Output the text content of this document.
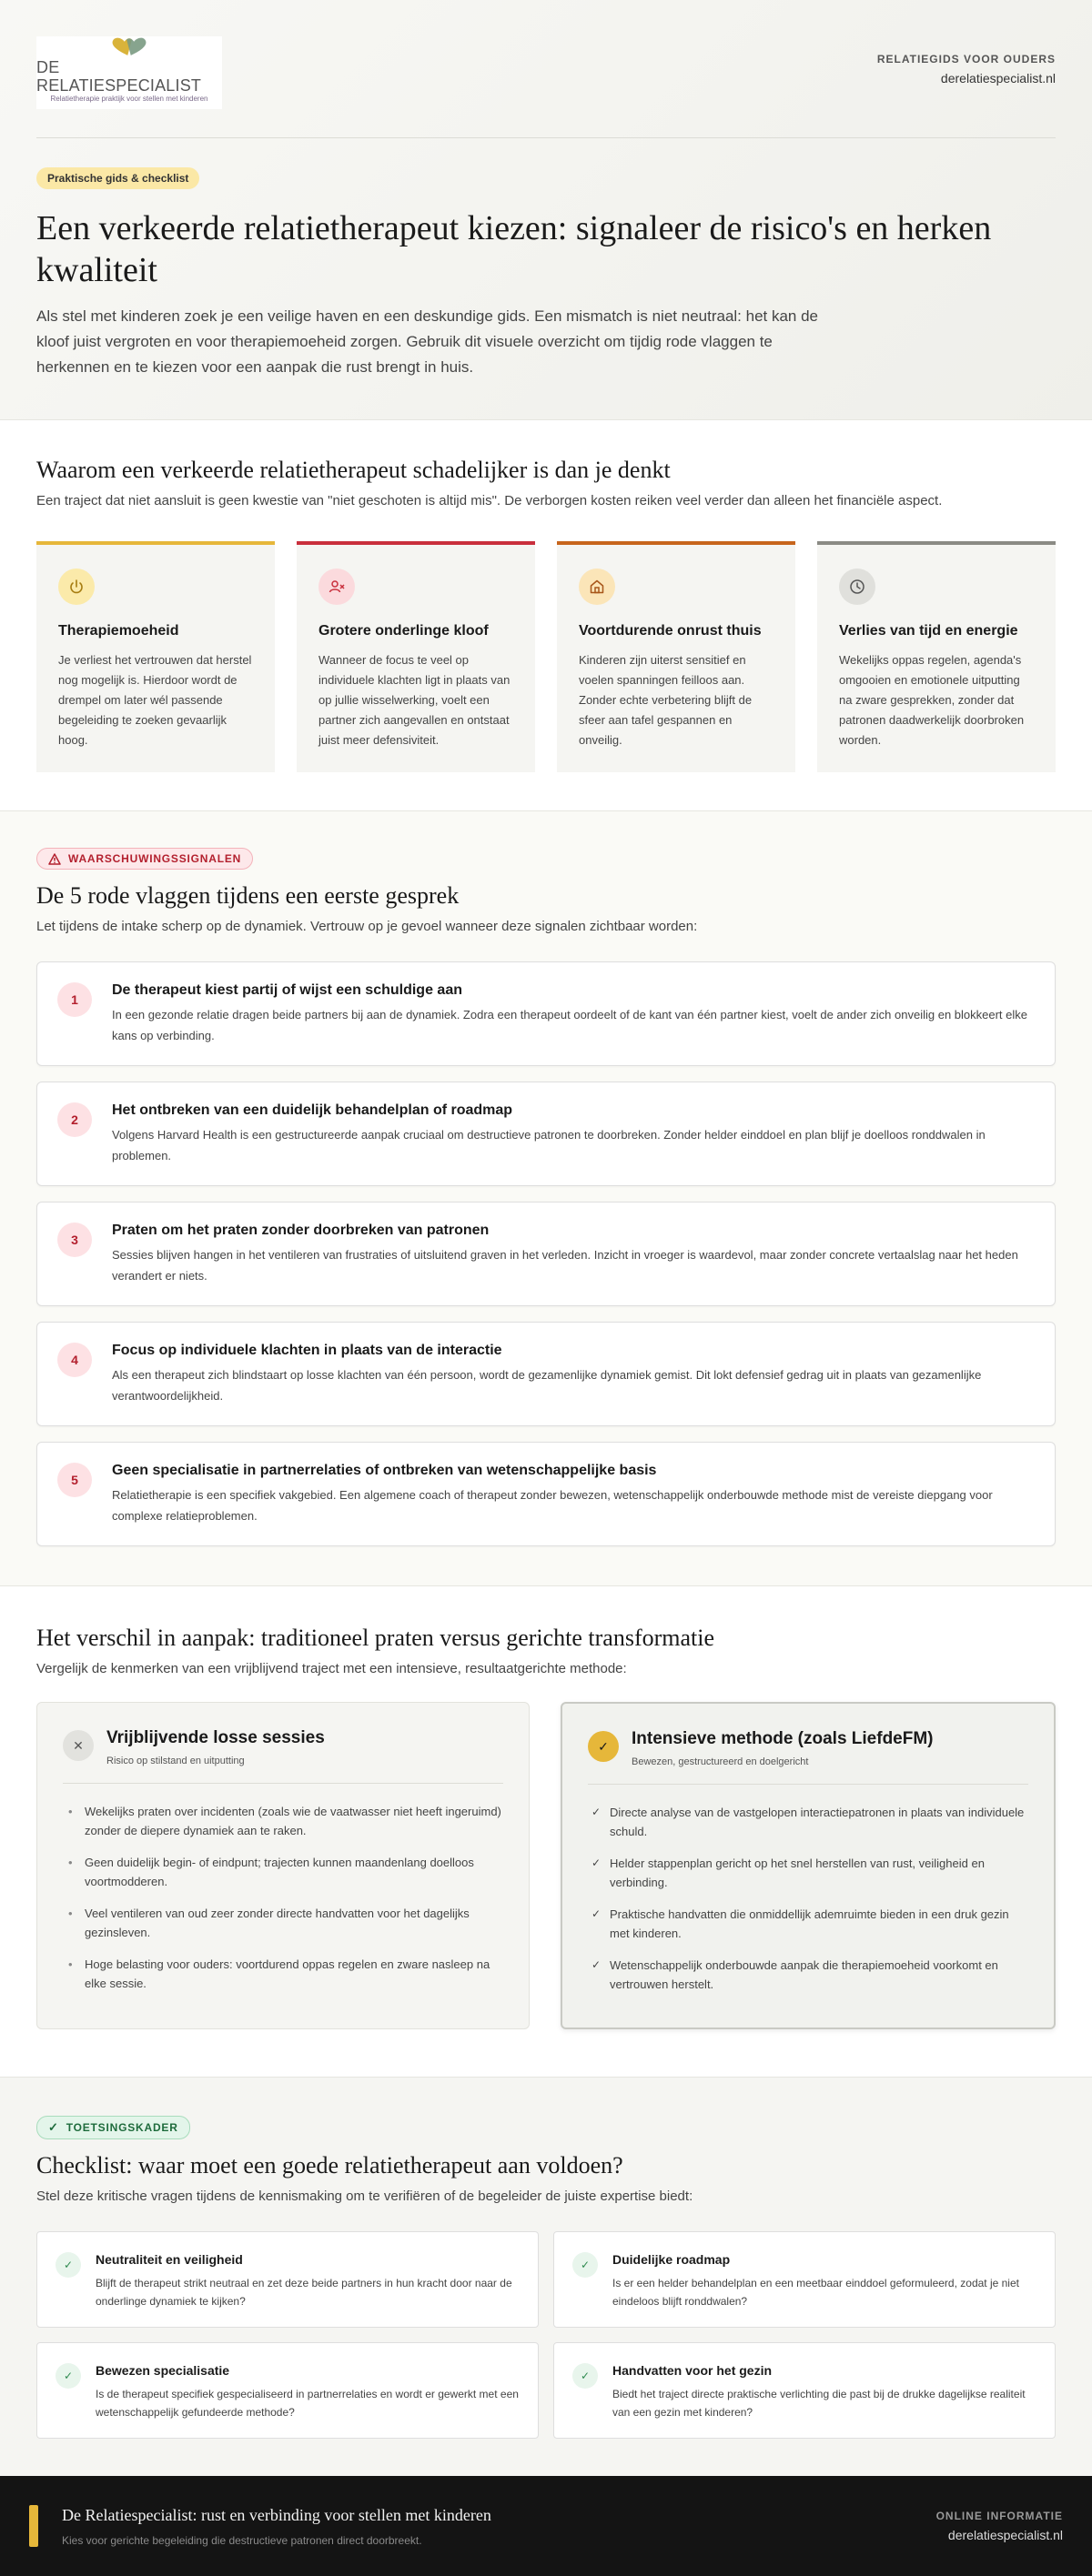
DE RELATIESPECIALIST
Relatietherapie praktijk voor stellen met kinderen
RELATIEGIDS VOOR OUDERS
derelatiespecialist.nl
Praktische gids & checklist
Een verkeerde relatietherapeut kiezen: signaleer de risico's en herken kwaliteit

Als stel met kinderen zoek je een veilige haven en een deskundige gids. Een mismatch is niet neutraal: het kan de kloof juist vergroten en voor therapiemoeheid zorgen. Gebruik dit visuele overzicht om tijdig rode vlaggen te herkennen en te kiezen voor een aanpak die rust brengt in huis.

Waarom een verkeerde relatietherapeut schadelijker is dan je denkt

Een traject dat niet aansluit is geen kwestie van "niet geschoten is altijd mis". De verborgen kosten reiken veel verder dan alleen het financiële aspect.

Therapiemoeheid

Je verliest het vertrouwen dat herstel nog mogelijk is. Hierdoor wordt de drempel om later wél passende begeleiding te zoeken gevaarlijk hoog.

Grotere onderlinge kloof

Wanneer de focus te veel op individuele klachten ligt in plaats van op jullie wisselwerking, voelt een partner zich aangevallen en ontstaat juist meer defensiviteit.

Voortdurende onrust thuis

Kinderen zijn uiterst sensitief en voelen spanningen feilloos aan. Zonder echte verbetering blijft de sfeer aan tafel gespannen en onveilig.

Verlies van tijd en energie

Wekelijks oppas regelen, agenda's omgooien en emotionele uitputting na zware gesprekken, zonder dat patronen daadwerkelijk doorbroken worden.

WAARSCHUWINGSSIGNALEN
De 5 rode vlaggen tijdens een eerste gesprek

Let tijdens de intake scherp op de dynamiek. Vertrouw op je gevoel wanneer deze signalen zichtbaar worden:

1
De therapeut kiest partij of wijst een schuldige aan

In een gezonde relatie dragen beide partners bij aan de dynamiek. Zodra een therapeut oordeelt of de kant van één partner kiest, voelt de ander zich onveilig en blokkeert elke kans op verbinding.

2
Het ontbreken van een duidelijk behandelplan of roadmap

Volgens Harvard Health is een gestructureerde aanpak cruciaal om destructieve patronen te doorbreken. Zonder helder einddoel en plan blijf je doelloos ronddwalen in problemen.

3
Praten om het praten zonder doorbreken van patronen

Sessies blijven hangen in het ventileren van frustraties of uitsluitend graven in het verleden. Inzicht in vroeger is waardevol, maar zonder concrete vertaalslag naar het heden verandert er niets.

4
Focus op individuele klachten in plaats van de interactie

Als een therapeut zich blindstaart op losse klachten van één persoon, wordt de gezamenlijke dynamiek gemist. Dit lokt defensief gedrag uit in plaats van gezamenlijke verantwoordelijkheid.

5
Geen specialisatie in partnerrelaties of ontbreken van wetenschappelijke basis

Relatietherapie is een specifiek vakgebied. Een algemene coach of therapeut zonder bewezen, wetenschappelijk onderbouwde methode mist de vereiste diepgang voor complexe relatieproblemen.

Het verschil in aanpak: traditioneel praten versus gerichte transformatie

Vergelijk de kenmerken van een vrijblijvend traject met een intensieve, resultaatgerichte methode:

✕	Vrijblijvende losse sessies
Risico op stilstand en uitputting
• Wekelijks praten over incidenten (zoals wie de vaatwasser niet heeft ingeruimd) zonder de diepere dynamiek aan te raken.
• Geen duidelijk begin- of eindpunt; trajecten kunnen maandenlang doelloos voortmodderen.
• Veel ventileren van oud zeer zonder directe handvatten voor het dagelijks gezinsleven.
• Hoge belasting voor ouders: voortdurend oppas regelen en zware nasleep na elke sessie.
✓	Intensieve methode (zoals LiefdeFM)
Bewezen, gestructureerd en doelgericht
✓ Directe analyse van de vastgelopen interactiepatronen in plaats van individuele schuld.
✓ Helder stappenplan gericht op het snel herstellen van rust, veiligheid en verbinding.
✓ Praktische handvatten die onmiddellijk ademruimte bieden in een druk gezin met kinderen.
✓ Wetenschappelijk onderbouwde aanpak die therapiemoeheid voorkomt en vertrouwen herstelt.
✓ TOETSINGSKADER
Checklist: waar moet een goede relatietherapeut aan voldoen?

Stel deze kritische vragen tijdens de kennismaking om te verifiëren of de begeleider de juiste expertise biedt:

✓	Neutraliteit en veiligheid

Blijft de therapeut strikt neutraal en zet deze beide partners in hun kracht door naar de onderlinge dynamiek te kijken?

✓	Duidelijke roadmap

Is er een helder behandelplan en een meetbaar einddoel geformuleerd, zodat je niet eindeloos blijft ronddwalen?

✓	Bewezen specialisatie

Is de therapeut specifiek gespecialiseerd in partnerrelaties en wordt er gewerkt met een wetenschappelijk gefundeerde methode?

✓	Handvatten voor het gezin

Biedt het traject directe praktische verlichting die past bij de drukke dagelijkse realiteit van een gezin met kinderen?

De Relatiespecialist: rust en verbinding voor stellen met kinderen
Kies voor gerichte begeleiding die destructieve patronen direct doorbreekt.
ONLINE INFORMATIE
derelatiespecialist.nl
